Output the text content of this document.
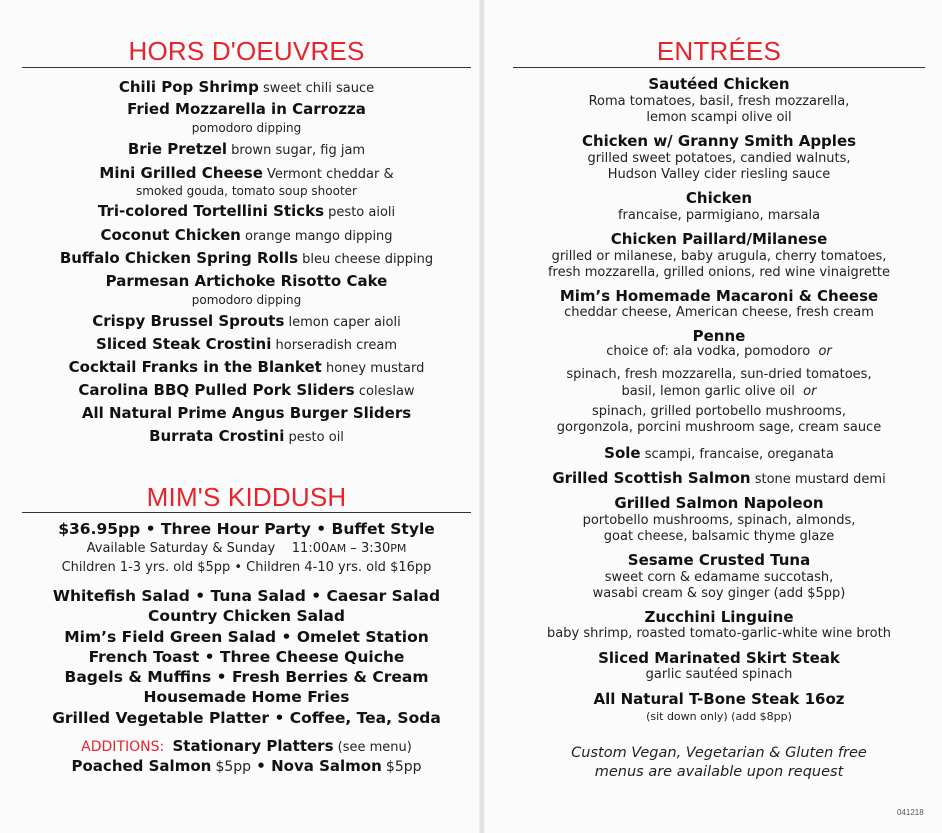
HORS D'OEUVRES
Chili Pop Shrimp sweet chili sauce
Fried Mozzarella in Carrozza
pomodoro dipping
Brie Pretzel brown sugar, fig jam
Mini Grilled Cheese Vermont cheddar &
smoked gouda, tomato soup shooter
Tri-colored Tortellini Sticks pesto aioli
Coconut Chicken orange mango dipping
Buffalo Chicken Spring Rolls bleu cheese dipping
Parmesan Artichoke Risotto Cake
pomodoro dipping
Crispy Brussel Sprouts lemon caper aioli
Sliced Steak Crostini horseradish cream
Cocktail Franks in the Blanket honey mustard
Carolina BBQ Pulled Pork Sliders coleslaw
All Natural Prime Angus Burger Sliders
Burrata Crostini pesto oil
MIM'S KIDDUSH
$36.95pp • Three Hour Party • Buffet Style
Available Saturday & Sunday 11:00AM – 3:30PM
Children 1-3 yrs. old $5pp • Children 4-10 yrs. old $16pp
Whitefish Salad • Tuna Salad • Caesar Salad
Country Chicken Salad
Mim’s Field Green Salad • Omelet Station
French Toast • Three Cheese Quiche
Bagels & Muffins • Fresh Berries & Cream
Housemade Home Fries
Grilled Vegetable Platter • Coffee, Tea, Soda
ADDITIONS: Stationary Platters (see menu)
Poached Salmon $5pp • Nova Salmon $5pp
ENTRÉES
Sautéed Chicken
Roma tomatoes, basil, fresh mozzarella,
lemon scampi olive oil
Chicken w/ Granny Smith Apples
grilled sweet potatoes, candied walnuts,
Hudson Valley cider riesling sauce
Chicken
francaise, parmigiano, marsala
Chicken Paillard/Milanese
grilled or milanese, baby arugula, cherry tomatoes,
fresh mozzarella, grilled onions, red wine vinaigrette
Mim’s Homemade Macaroni & Cheese
cheddar cheese, American cheese, fresh cream
Penne
choice of: ala vodka, pomodoro or
spinach, fresh mozzarella, sun-dried tomatoes,
basil, lemon garlic olive oil or
spinach, grilled portobello mushrooms,
gorgonzola, porcini mushroom sage, cream sauce
Sole scampi, francaise, oreganata
Grilled Scottish Salmon stone mustard demi
Grilled Salmon Napoleon
portobello mushrooms, spinach, almonds,
goat cheese, balsamic thyme glaze
Sesame Crusted Tuna
sweet corn & edamame succotash,
wasabi cream & soy ginger (add $5pp)
Zucchini Linguine
baby shrimp, roasted tomato-garlic-white wine broth
Sliced Marinated Skirt Steak
garlic sautéed spinach
All Natural T-Bone Steak 16oz
(sit down only) (add $8pp)
Custom Vegan, Vegetarian & Gluten free
menus are available upon request
041218
